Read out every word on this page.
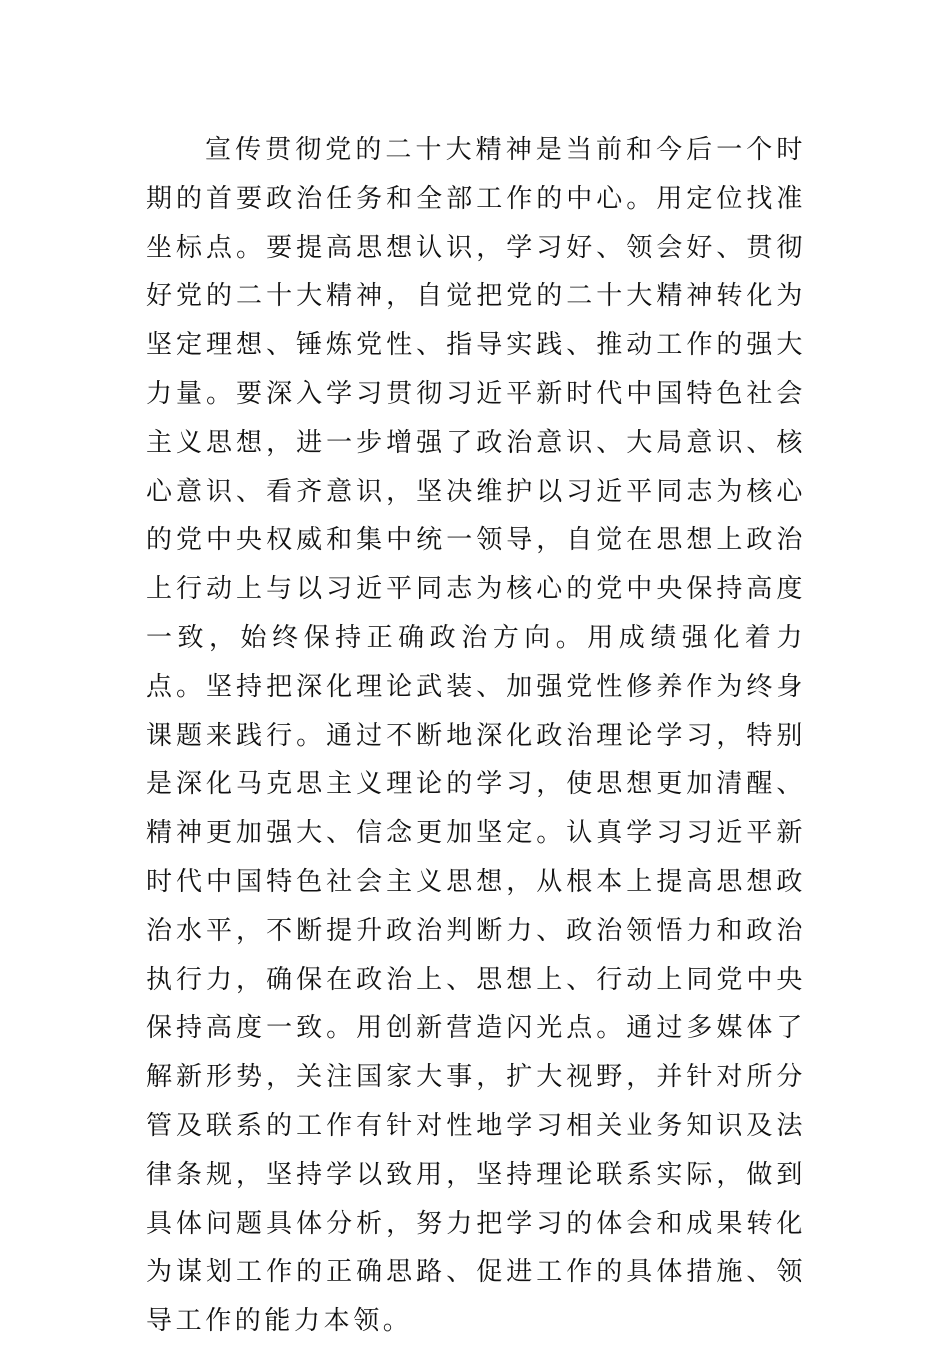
宣传贯彻党的二十大精神是当前和今后一个时期的首要政治任务和全部工作的中心。用定位找准坐标点。要提高思想认识，学习好、领会好、贯彻好党的二十大精神，自觉把党的二十大精神转化为坚定理想、锤炼党性、指导实践、推动工作的强大力量。要深入学习贯彻习近平新时代中国特色社会主义思想，进一步增强了政治意识、大局意识、核心意识、看齐意识，坚决维护以习近平同志为核心的党中央权威和集中统一领导，自觉在思想上政治上行动上与以习近平同志为核心的党中央保持高度一致，始终保持正确政治方向。用成绩强化着力点。坚持把深化理论武装、加强党性修养作为终身课题来践行。通过不断地深化政治理论学习，特别是深化马克思主义理论的学习，使思想更加清醒、精神更加强大、信念更加坚定。认真学习习近平新时代中国特色社会主义思想，从根本上提高思想政治水平，不断提升政治判断力、政治领悟力和政治执行力，确保在政治上、思想上、行动上同党中央保持高度一致。用创新营造闪光点。通过多媒体了解新形势，关注国家大事，扩大视野，并针对所分管及联系的工作有针对性地学习相关业务知识及法律条规，坚持学以致用，坚持理论联系实际，做到具体问题具体分析，努力把学习的体会和成果转化为谋划工作的正确思路、促进工作的具体措施、领导工作的能力本领。
